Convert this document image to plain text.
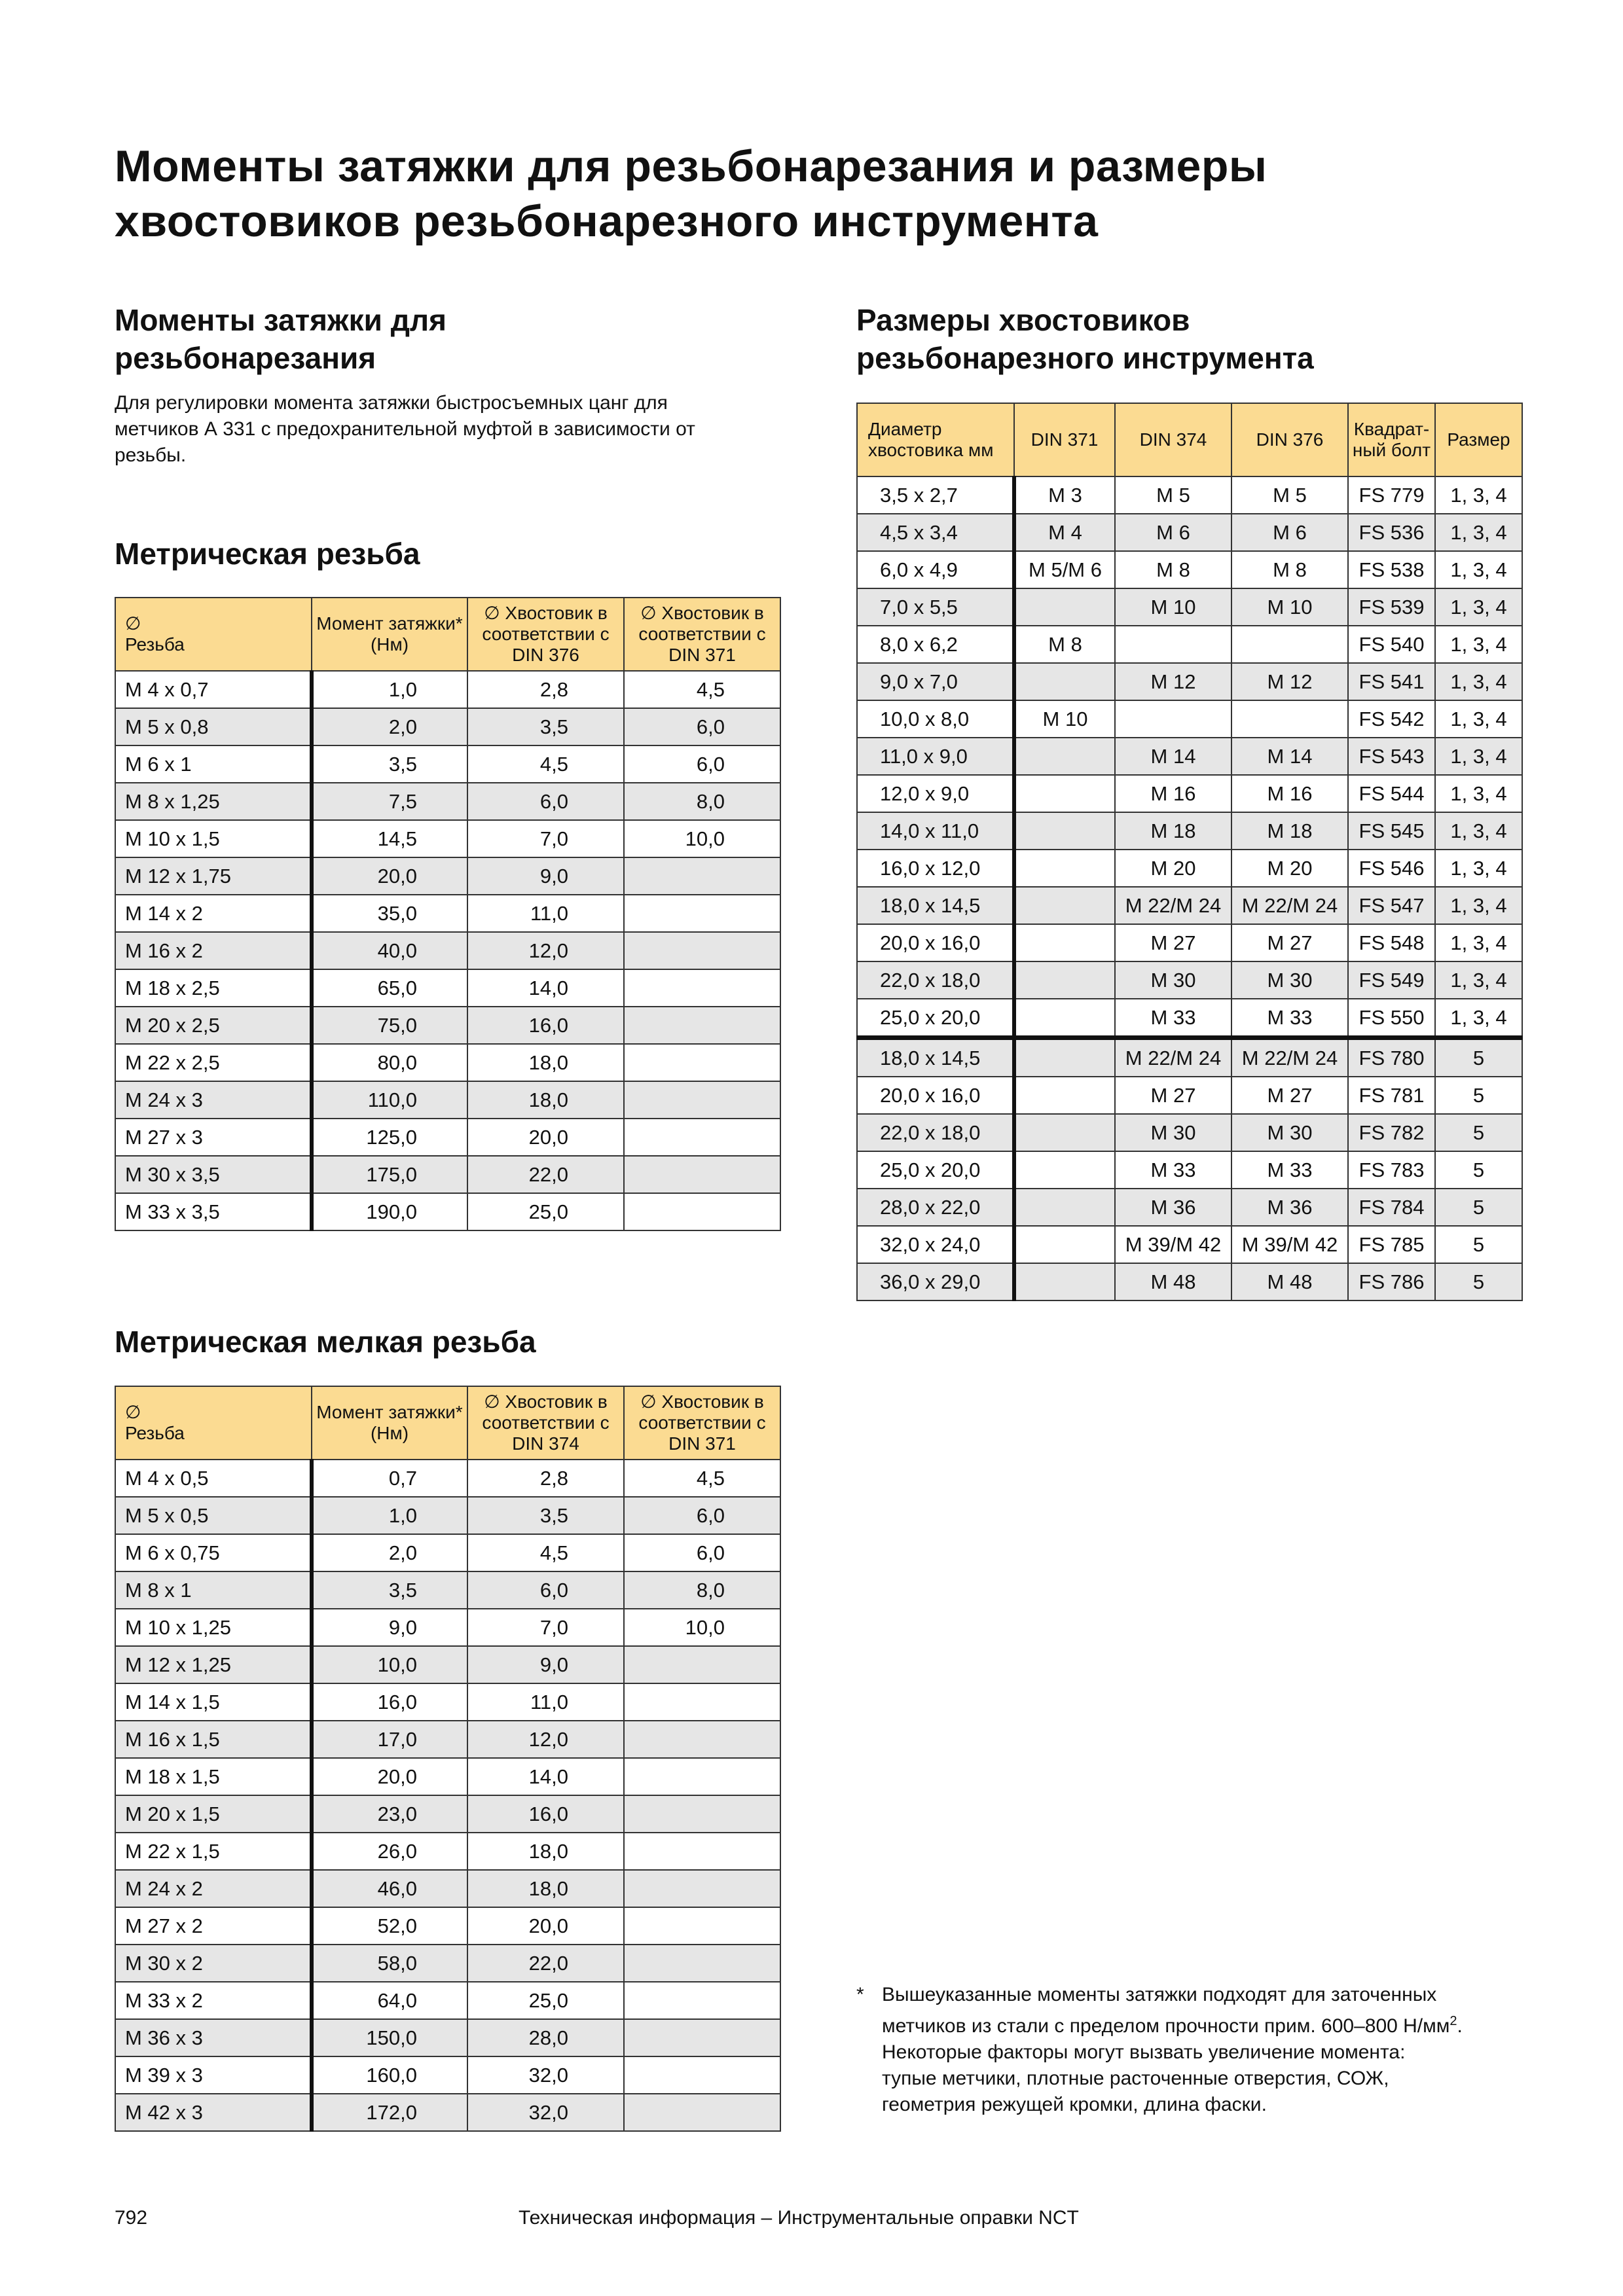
Моменты затяжки для резьбонарезания и размеры
хвостовиков резьбонарезного инструмента
Моменты затяжки для
резьбонарезания

Для регулировки момента затяжки быстросъемных цанг для
метчиков А 331 с предохранительной муфтой в зависимости от
резьбы.

Размеры хвостовиков
резьбонарезного инструмента
Метрическая резьба
∅
Резьба	Момент затяжки*
(Нм)	∅ Хвостовик в
соответствии с
DIN 376	∅ Хвостовик в
соответствии с
DIN 371
M 4 x 0,7	1,0	2,8	4,5
M 5 x 0,8	2,0	3,5	6,0
M 6 x 1	3,5	4,5	6,0
M 8 x 1,25	7,5	6,0	8,0
M 10 x 1,5	14,5	7,0	10,0
M 12 x 1,75	20,0	9,0	
M 14 x 2	35,0	11,0	
M 16 x 2	40,0	12,0	
M 18 x 2,5	65,0	14,0	
M 20 x 2,5	75,0	16,0	
M 22 x 2,5	80,0	18,0	
M 24 x 3	110,0	18,0	
M 27 x 3	125,0	20,0	
M 30 x 3,5	175,0	22,0	
M 33 x 3,5	190,0	25,0	
Метрическая мелкая резьба
∅
Резьба	Момент затяжки*
(Нм)	∅ Хвостовик в
соответствии с
DIN 374	∅ Хвостовик в
соответствии с
DIN 371
M 4 x 0,5	0,7	2,8	4,5
M 5 x 0,5	1,0	3,5	6,0
M 6 x 0,75	2,0	4,5	6,0
M 8 x 1	3,5	6,0	8,0
M 10 x 1,25	9,0	7,0	10,0
M 12 x 1,25	10,0	9,0	
M 14 x 1,5	16,0	11,0	
M 16 x 1,5	17,0	12,0	
M 18 x 1,5	20,0	14,0	
M 20 x 1,5	23,0	16,0	
M 22 x 1,5	26,0	18,0	
M 24 x 2	46,0	18,0	
M 27 x 2	52,0	20,0	
M 30 x 2	58,0	22,0	
M 33 x 2	64,0	25,0	
M 36 x 3	150,0	28,0	
M 39 x 3	160,0	32,0	
M 42 x 3	172,0	32,0	
Диаметр
хвостовика мм	DIN 371	DIN 374	DIN 376	Квадрат-
ный болт	Размер
3,5 x 2,7	M 3	M 5	M 5	FS 779	1, 3, 4
4,5 x 3,4	M 4	M 6	M 6	FS 536	1, 3, 4
6,0 x 4,9	M 5/M 6	M 8	M 8	FS 538	1, 3, 4
7,0 x 5,5		M 10	M 10	FS 539	1, 3, 4
8,0 x 6,2	M 8			FS 540	1, 3, 4
9,0 x 7,0		M 12	M 12	FS 541	1, 3, 4
10,0 x 8,0	M 10			FS 542	1, 3, 4
11,0 x 9,0		M 14	M 14	FS 543	1, 3, 4
12,0 x 9,0		M 16	M 16	FS 544	1, 3, 4
14,0 x 11,0		M 18	M 18	FS 545	1, 3, 4
16,0 x 12,0		M 20	M 20	FS 546	1, 3, 4
18,0 x 14,5		M 22/M 24	M 22/M 24	FS 547	1, 3, 4
20,0 x 16,0		M 27	M 27	FS 548	1, 3, 4
22,0 x 18,0		M 30	M 30	FS 549	1, 3, 4
25,0 x 20,0		M 33	M 33	FS 550	1, 3, 4
18,0 x 14,5		M 22/M 24	M 22/M 24	FS 780	5
20,0 x 16,0		M 27	M 27	FS 781	5
22,0 x 18,0		M 30	M 30	FS 782	5
25,0 x 20,0		M 33	M 33	FS 783	5
28,0 x 22,0		M 36	M 36	FS 784	5
32,0 x 24,0		M 39/M 42	M 39/M 42	FS 785	5
36,0 x 29,0		M 48	M 48	FS 786	5
* Вышеуказанные моменты затяжки подходят для заточенных
метчиков из стали с пределом прочности прим. 600–800 $Н/мм^2$.
Некоторые факторы могут вызвать увеличение момента:
тупые метчики, плотные расточенные отверстия, СОЖ,
геометрия режущей кромки, длина фаски.

792	Техническая информация – Инструментальные оправки NCT
